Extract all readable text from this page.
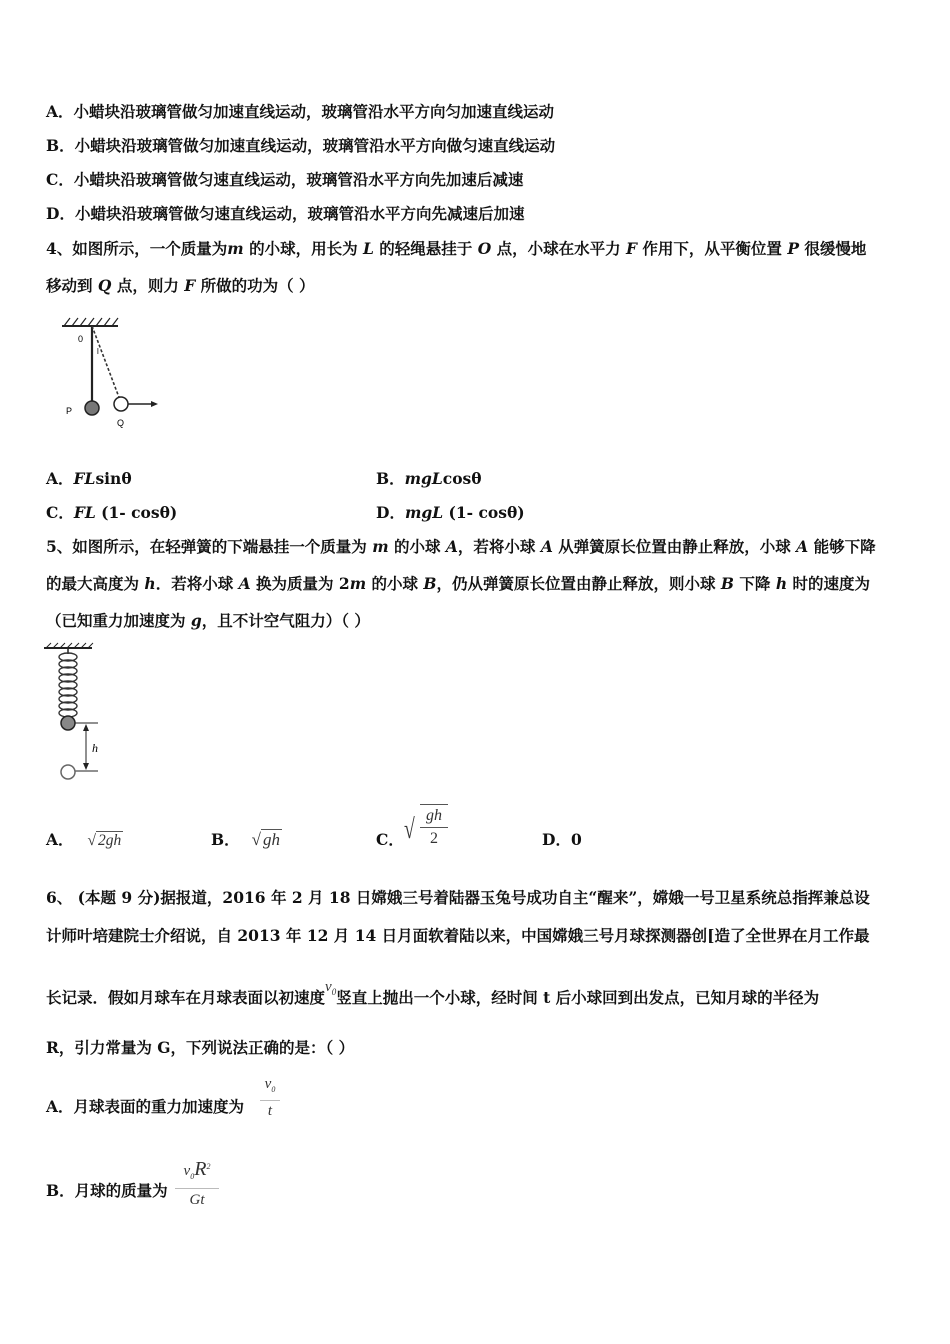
A．小蜡块沿玻璃管做匀加速直线运动，玻璃管沿水平方向匀加速直线运动
B．小蜡块沿玻璃管做匀加速直线运动，玻璃管沿水平方向做匀速直线运动
C．小蜡块沿玻璃管做匀速直线运动，玻璃管沿水平方向先加速后减速
D．小蜡块沿玻璃管做匀速直线运动，玻璃管沿水平方向先减速后加速
4、如图所示，一个质量为m 的小球，用长为 L 的轻绳悬挂于 O 点，小球在水平力 F 作用下，从平衡位置 P 很缓慢地
移动到 Q 点，则力 F 所做的功为（ ）
0
l
P
Q
A．FLsinθ	B．mgLcosθ
C．FL (1- cosθ)	D．mgL (1- cosθ)
5、如图所示，在轻弹簧的下端悬挂一个质量为 m 的小球 A，若将小球 A 从弹簧原长位置由静止释放，小球 A 能够下降
的最大高度为 h．若将小球 A 换为质量为 2m 的小球 B，仍从弹簧原长位置由静止释放，则小球 B 下降 h 时的速度为
（已知重力加速度为 g，且不计空气阻力）（ ）
h
A． √ 2gh	B． √ gh	C． √ $\frac{gh}{2}$	D．0
6、 (本题 9 分)据报道，2016 年 2 月 18 日嫦娥三号着陆器玉兔号成功自主“醒来”，嫦娥一号卫星系统总指挥兼总设
计师叶培建院士介绍说，自 2013 年 12 月 14 日月面软着陆以来，中国嫦娥三号月球探测器创[造了全世界在月工作最
长记录．假如月球车在月球表面以初速度$v_0$竖直上抛出一个小球，经时间 t 后小球回到出发点，已知月球的半径为
R，引力常量为 G，下列说法正确的是：（ ）
A．月球表面的重力加速度为 $\frac{v_0}{t}$
B．月球的质量为 $\frac{v_0R^2}{Gt}$
